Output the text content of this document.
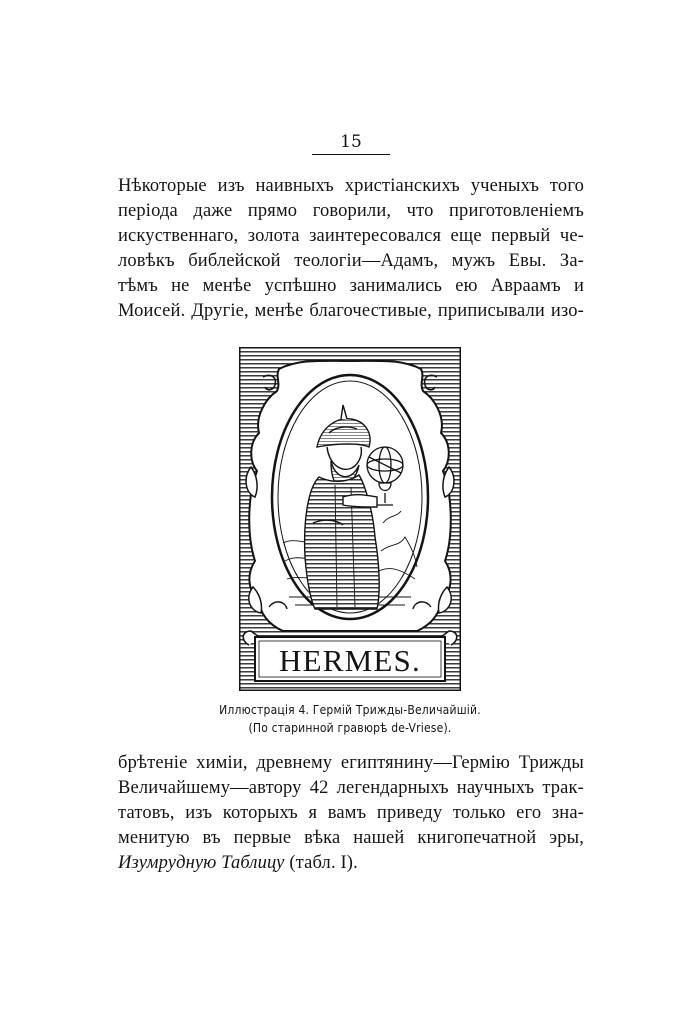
15
Нѣкоторые изъ наивныхъ христіанскихъ ученыхъ того
періода даже прямо говорили, что приготовленіемъ
искуственнаго, золота заинтересовался еще первый че-
ловѣкъ библейской теологіи—Адамъ, мужъ Евы. За-
тѣмъ не менѣе успѣшно занимались ею Авраамъ и
Моисей. Другіе, менѣе благочестивые, приписывали изо-
HERMES.
Иллюстрація 4. Гермій Трижды-Величайшій.
(По старинной гравюрѣ de-Vriese).
брѣтеніе химіи, древнему египтянину—Гермію Трижды
Величайшему—автору 42 легендарныхъ научныхъ трак-
татовъ, изъ которыхъ я вамъ приведу только его зна-
менитую въ первые вѣка нашей книгопечатной эры,
Изумрудную Таблицу (табл. I).
